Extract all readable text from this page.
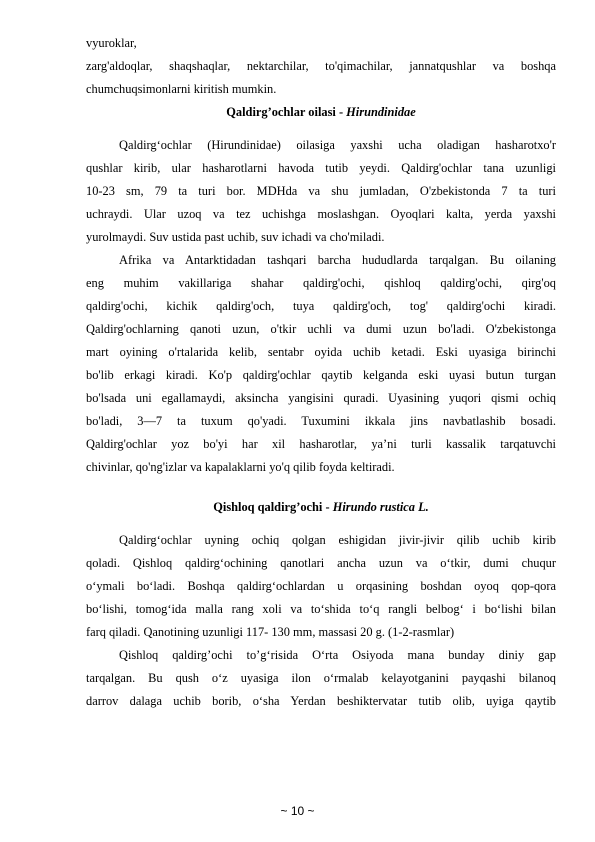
vyuroklar,
zarg'aldoqlar, shaqshaqlar, nektarchilar, to'qimachilar, jannatqushlar va boshqa
chumchuqsimonlarni kiritish mumkin.
Qaldirg’ochlar oilasi - Hirundinidae
Qaldirg‘ochlar (Hirundinidae) oilasiga yaxshi ucha oladigan hasharotxo'r
qushlar kirib, ular hasharotlarni havoda tutib yeydi. Qaldirg'ochlar tana uzunligi
10-23 sm, 79 ta turi bor. MDHda va shu jumladan, O'zbekistonda 7 ta turi
uchraydi. Ular uzoq va tez uchishga moslashgan. Oyoqlari kalta, yerda yaxshi
yurolmaydi. Suv ustida past uchib, suv ichadi va cho'miladi.
Afrika va Antarktidadan tashqari barcha hududlarda tarqalgan. Bu oilaning
eng muhim vakillariga shahar qaldirg'ochi, qishloq qaldirg'ochi, qirg'oq
qaldirg'ochi, kichik qaldirg'och, tuya qaldirg'och, tog' qaldirg'ochi kiradi.
Qaldirg'ochlarning qanoti uzun, o'tkir uchli va dumi uzun bo'ladi. O'zbekistonga
mart oyining o'rtalarida kelib, sentabr oyida uchib ketadi. Eski uyasiga birinchi
bo'lib erkagi kiradi. Ko'p qaldirg'ochlar qaytib kelganda eski uyasi butun turgan
bo'lsada uni egallamaydi, aksincha yangisini quradi. Uyasining yuqori qismi ochiq
bo'ladi, 3—7 ta tuxum qo'yadi. Tuxumini ikkala jins navbatlashib bosadi.
Qaldirg'ochlar yoz bo'yi har xil hasharotlar, ya’ni turli kassalik tarqatuvchi
chivinlar, qo'ng'izlar va kapalaklarni yo'q qilib foyda keltiradi.
Qishloq qaldirg’ochi - Hirundo rustica L.
Qaldirg‘ochlar uyning ochiq qolgan eshigidan jivir-jivir qilib uchib kirib
qoladi. Qishloq qaldirg‘ochining qanotlari ancha uzun va o‘tkir, dumi chuqur
o‘ymali bo‘ladi. Boshqa qaldirg‘ochlardan u orqasining boshdan oyoq qop-qora
bo‘lishi, tomog‘ida malla rang xoli va to‘shida to‘q rangli belbog‘ i bo‘lishi bilan
farq qiladi. Qanotining uzunligi 117- 130 mm, massasi 20 g. (1-2-rasmlar)
Qishloq qaldirg’ochi to’g‘risida O‘rta Osiyoda mana bunday diniy gap
tarqalgan. Bu qush o‘z uyasiga ilon o‘rmalab kelayotganini payqashi bilanoq
darrov dalaga uchib borib, o‘sha Yerdan beshiktervatar tutib olib, uyiga qaytib
~ 10 ~
